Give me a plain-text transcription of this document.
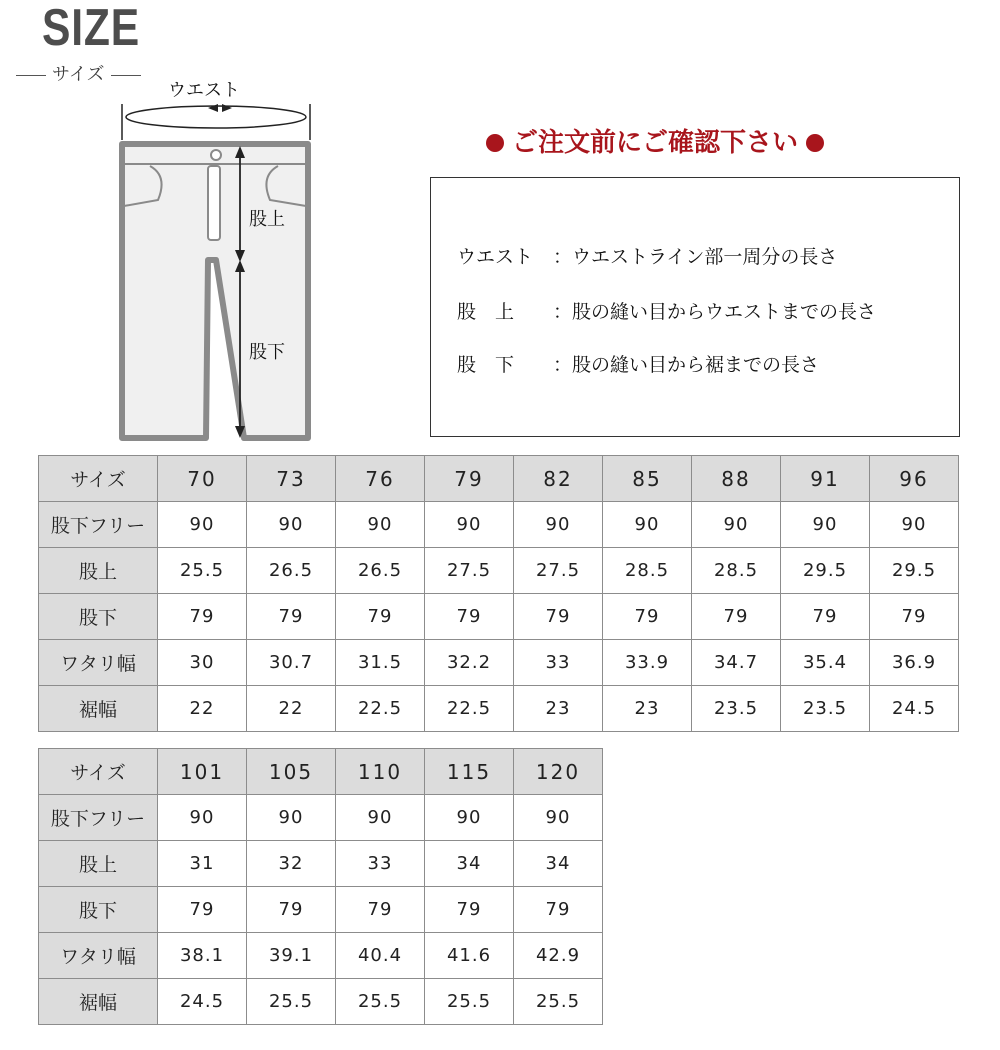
SIZE
サイズ
ウエスト
股上
股下
ご注文前にご確認下さい
ウエスト ：ウエストライン部一周分の長さ
股　上 ：股の縫い目からウエストまでの長さ
股　下 ：股の縫い目から裾までの長さ
サイズ	70	73	76	79	82	85	88	91	96
股下フリー	90	90	90	90	90	90	90	90	90
股上	25.5	26.5	26.5	27.5	27.5	28.5	28.5	29.5	29.5
股下	79	79	79	79	79	79	79	79	79
ワタリ幅	30	30.7	31.5	32.2	33	33.9	34.7	35.4	36.9
裾幅	22	22	22.5	22.5	23	23	23.5	23.5	24.5
サイズ	101	105	110	115	120
股下フリー	90	90	90	90	90
股上	31	32	33	34	34
股下	79	79	79	79	79
ワタリ幅	38.1	39.1	40.4	41.6	42.9
裾幅	24.5	25.5	25.5	25.5	25.5
